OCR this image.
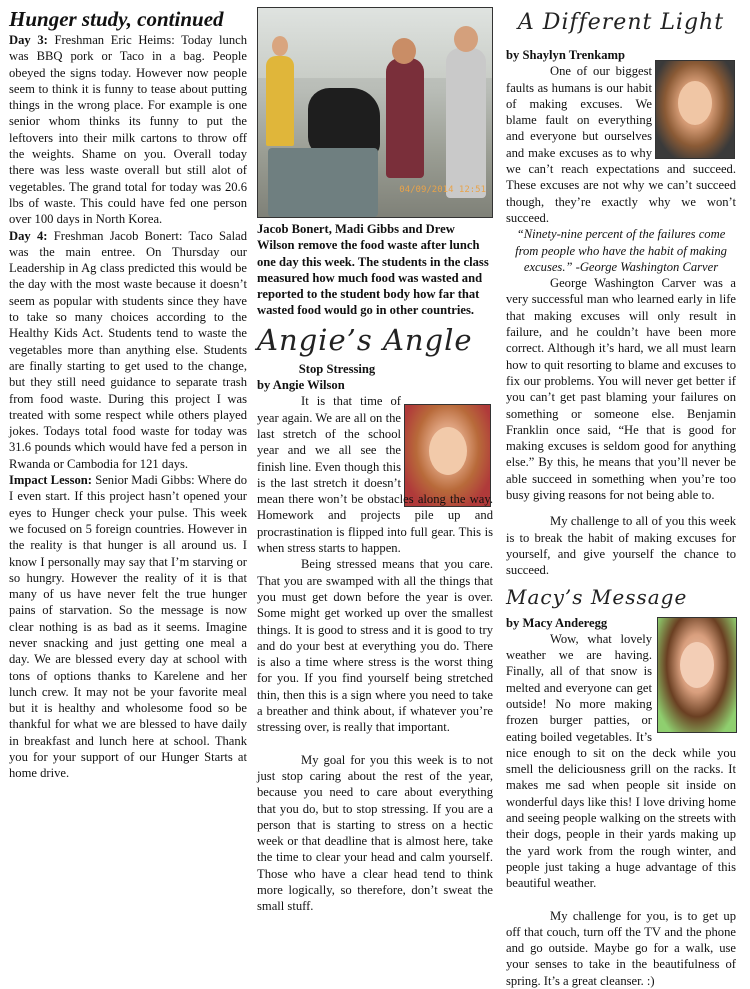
Hunger study, continued

Day 3: Freshman Eric Heims: Today lunch was BBQ pork or Taco in a bag. People obeyed the signs today. However now people seem to think it is funny to tease about putting things in the wrong place. For example is one senior whom thinks its funny to put the leftovers into their milk cartons to throw off the weights. Shame on you. Overall today there was less waste overall but still alot of vegetables. The grand total for today was 20.6 lbs of waste. This could have fed one person over 100 days in North Korea.

Day 4: Freshman Jacob Bonert: Taco Salad was the main entree. On Thursday our Leadership in Ag class predicted this would be the day with the most waste because it doesn’t seem as popular with students since they have to take so many choices according to the Healthy Kids Act. Students tend to waste the vegetables more than anything else. Students are finally starting to get used to the change, but they still need guidance to separate trash from food waste. During this project I was treated with some respect while others played jokes. Todays total food waste for today was 31.6 pounds which would have fed a person in Rwanda or Cambodia for 121 days.

Impact Lesson: Senior Madi Gibbs: Where do I even start. If this project hasn’t opened your eyes to Hunger check your pulse. This week we focused on 5 foreign countries. However in the reality is that hunger is all around us. I know I personally may say that I’m starving or so hungry. However the reality of it is that many of us have never felt the true hunger pains of starvation. So the message is now clear nothing is as bad as it seems. Imagine never snacking and just getting one meal a day. We are blessed every day at school with tons of options thanks to Karelene and her lunch crew. It may not be your favorite meal but it is healthy and wholesome food so be thankful for what we are blessed to have daily in breakfast and lunch here at school. Thank you for your support of our Hunger Starts at home drive.

04/09/2014 12:51
Jacob Bonert, Madi Gibbs and Drew Wilson remove the food waste after lunch one day this week. The students in the class measured how much food was wasted and reported to the student body how far that wasted food would go in other countries.
Angie’s Angle
Stop Stressing
by Angie Wilson

It is that time of year again. We are all on the last stretch of the school year and we all see the finish line. Even though this is the last stretch it doesn’t mean there won’t be obstacles along the way. Homework and projects pile up and procrastination is flipped into full gear. This is when stress starts to happen.

Being stressed means that you care. That you are swamped with all the things that you must get down before the year is over. Some might get worked up over the smallest things. It is good to stress and it is good to try and do your best at everything you do. There is also a time where stress is the worst thing for you. If you find yourself being stretched thin, then this is a sign where you need to take a breather and think about, if whatever you’re stressing over, is really that important.

My goal for you this week is to not just stop caring about the rest of the year, because you need to care about everything that you do, but to stop stressing. If you are a person that is starting to stress on a hectic week or that deadline that is almost here, take the time to clear your head and calm yourself. Those who have a clear head tend to think more logically, so therefore, don’t sweat the small stuff.

A Different Light
by Shaylyn Trenkamp

One of our biggest faults as humans is our habit of making excuses. We blame fault on everything and everyone but ourselves and make excuses as to why we can’t reach expectations and succeed. These excuses are not why we can’t succeed though, they’re exactly why we won’t succeed.

“Ninety-nine percent of the failures come from people who have the habit of making excuses.” -George Washington Carver

George Washington Carver was a very successful man who learned early in life that making excuses will only result in failure, and he couldn’t have been more correct. Although it’s hard, we all must learn how to quit resorting to blame and excuses to fix our problems. You will never get better if you can’t get past blaming your failures on something or someone else. Benjamin Franklin once said, “He that is good for making excuses is seldom good for anything else.” By this, he means that you’ll never be able succeed in something when you’re too busy giving reasons for not being able to.

My challenge to all of you this week is to break the habit of making excuses for yourself, and give yourself the chance to succeed.

Macy’s Message
by Macy Anderegg

Wow, what lovely weather we are having. Finally, all of that snow is melted and everyone can get outside! No more making frozen burger patties, or eating boiled vegetables. It’s nice enough to sit on the deck while you smell the deliciousness grill on the racks. It makes me sad when people sit inside on wonderful days like this! I love driving home and seeing people walking on the streets with their dogs, people in their yards making up the yard work from the rough winter, and people just taking a huge advantage of this beautiful weather.

My challenge for you, is to get up off that couch, turn off the TV and the phone and go outside. Maybe go for a walk, use your senses to take in the beautifulness of spring. It’s a great cleanser. :)
